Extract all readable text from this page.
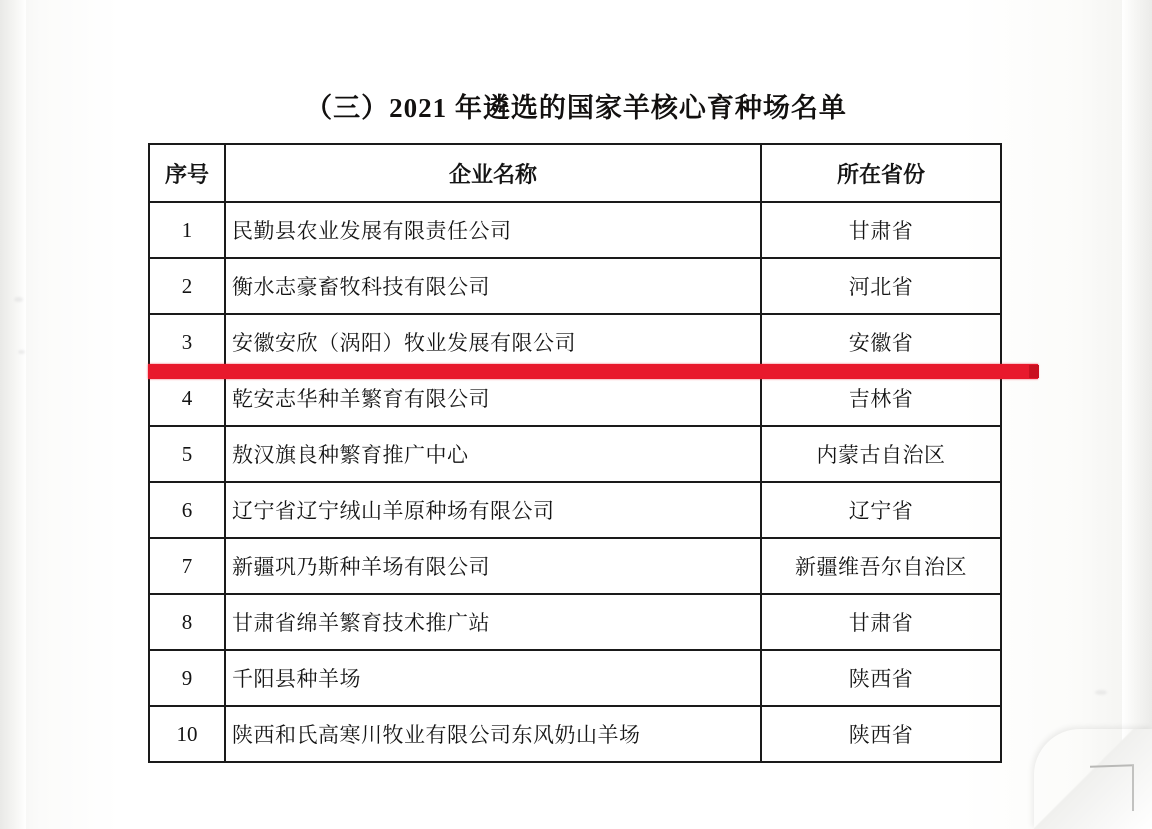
（三）2021 年遴选的国家羊核心育种场名单
序号	企业名称	所在省份
1	民勤县农业发展有限责任公司	甘肃省
2	衡水志豪畜牧科技有限公司	河北省
3	安徽安欣（涡阳）牧业发展有限公司	安徽省
4	乾安志华种羊繁育有限公司	吉林省
5	敖汉旗良种繁育推广中心	内蒙古自治区
6	辽宁省辽宁绒山羊原种场有限公司	辽宁省
7	新疆巩乃斯种羊场有限公司	新疆维吾尔自治区
8	甘肃省绵羊繁育技术推广站	甘肃省
9	千阳县种羊场	陕西省
10	陕西和氏高寒川牧业有限公司东风奶山羊场	陕西省
